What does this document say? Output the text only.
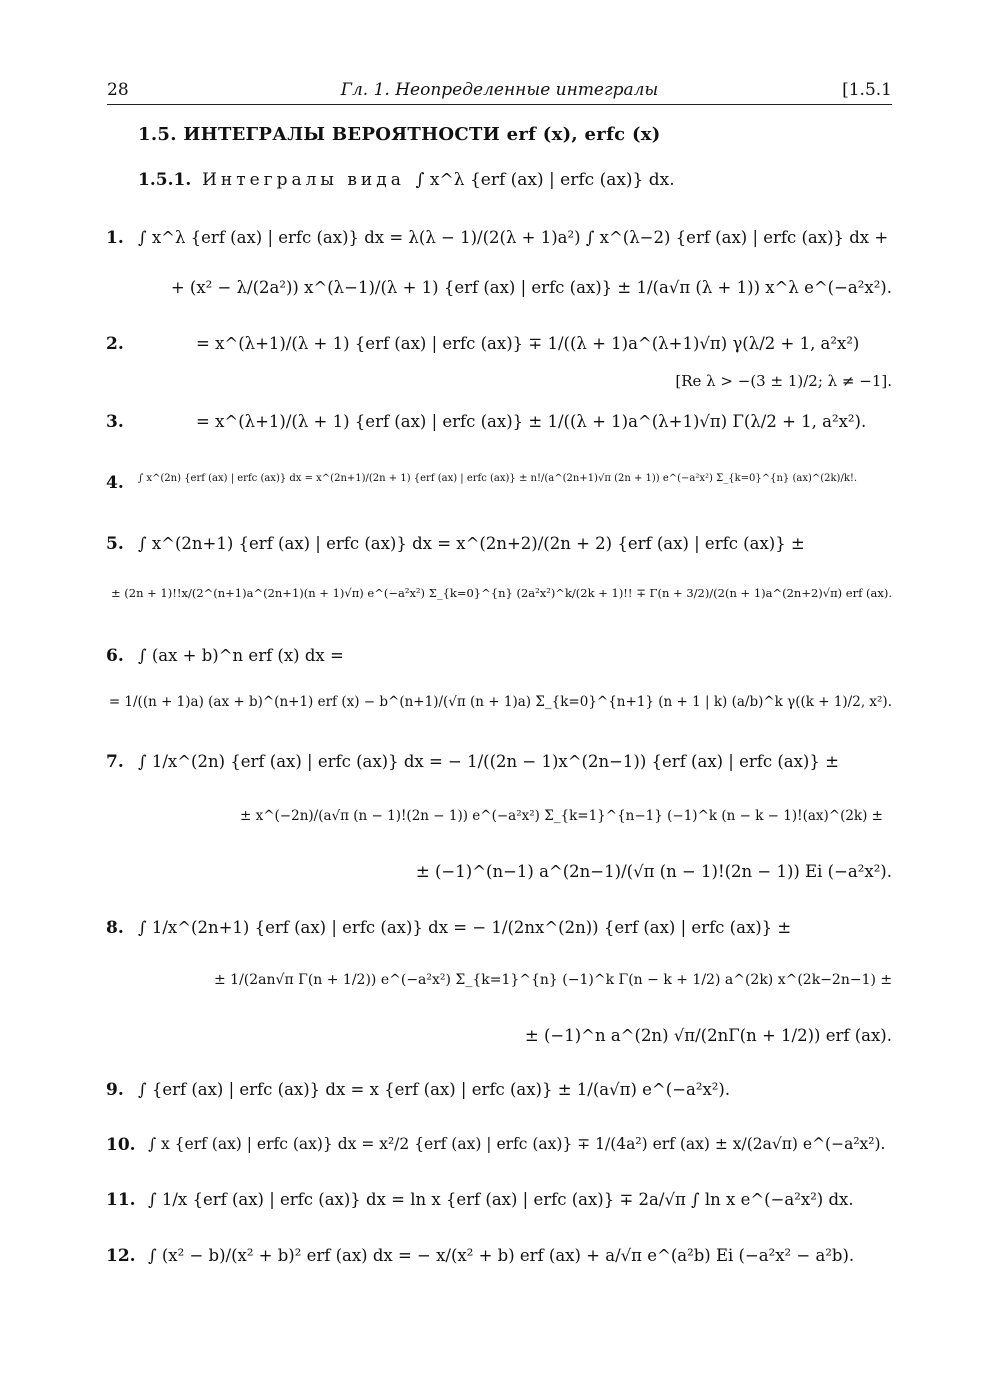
28	Гл. 1. Неопределенные интегралы	[1.5.1
1.5. ИНТЕГРАЛЫ ВЕРОЯТНОСТИ erf (x), erfc (x)
1.5.1. Интегралы вида ∫ x^λ {erf (ax) | erfc (ax)} dx.
1. ∫ x^λ {erf (ax) | erfc (ax)} dx = λ(λ − 1)/(2(λ + 1)a²) ∫ x^(λ−2) {erf (ax) | erfc (ax)} dx +
+ (x² − λ/(2a²)) x^(λ−1)/(λ + 1) {erf (ax) | erfc (ax)} ± 1/(a√π (λ + 1)) x^λ e^(−a²x²).
2.	= x^(λ+1)/(λ + 1) {erf (ax) | erfc (ax)} ∓ 1/((λ + 1)a^(λ+1)√π) γ(λ/2 + 1, a²x²)
[Re λ > −(3 ± 1)/2; λ ≠ −1].
3.	= x^(λ+1)/(λ + 1) {erf (ax) | erfc (ax)} ± 1/((λ + 1)a^(λ+1)√π) Γ(λ/2 + 1, a²x²).
4. ∫ x^(2n) {erf (ax) | erfc (ax)} dx = x^(2n+1)/(2n + 1) {erf (ax) | erfc (ax)} ± n!/(a^(2n+1)√π (2n + 1)) e^(−a²x²) Σ_{k=0}^{n} (ax)^(2k)/k!.
5. ∫ x^(2n+1) {erf (ax) | erfc (ax)} dx = x^(2n+2)/(2n + 2) {erf (ax) | erfc (ax)} ±
± (2n + 1)!!x/(2^(n+1)a^(2n+1)(n + 1)√π) e^(−a²x²) Σ_{k=0}^{n} (2a²x²)^k/(2k + 1)!! ∓ Γ(n + 3/2)/(2(n + 1)a^(2n+2)√π) erf (ax).
6. ∫ (ax + b)^n erf (x) dx =
= 1/((n + 1)a) (ax + b)^(n+1) erf (x) − b^(n+1)/(√π (n + 1)a) Σ_{k=0}^{n+1} (n + 1 | k) (a/b)^k γ((k + 1)/2, x²).
7. ∫ 1/x^(2n) {erf (ax) | erfc (ax)} dx = − 1/((2n − 1)x^(2n−1)) {erf (ax) | erfc (ax)} ±
± x^(−2n)/(a√π (n − 1)!(2n − 1)) e^(−a²x²) Σ_{k=1}^{n−1} (−1)^k (n − k − 1)!(ax)^(2k) ±
± (−1)^(n−1) a^(2n−1)/(√π (n − 1)!(2n − 1)) Ei (−a²x²).
8. ∫ 1/x^(2n+1) {erf (ax) | erfc (ax)} dx = − 1/(2nx^(2n)) {erf (ax) | erfc (ax)} ±
± 1/(2an√π Γ(n + 1/2)) e^(−a²x²) Σ_{k=1}^{n} (−1)^k Γ(n − k + 1/2) a^(2k) x^(2k−2n−1) ±
± (−1)^n a^(2n) √π/(2nΓ(n + 1/2)) erf (ax).
9. ∫ {erf (ax) | erfc (ax)} dx = x {erf (ax) | erfc (ax)} ± 1/(a√π) e^(−a²x²).
10. ∫ x {erf (ax) | erfc (ax)} dx = x²/2 {erf (ax) | erfc (ax)} ∓ 1/(4a²) erf (ax) ± x/(2a√π) e^(−a²x²).
11. ∫ 1/x {erf (ax) | erfc (ax)} dx = ln x {erf (ax) | erfc (ax)} ∓ 2a/√π ∫ ln x e^(−a²x²) dx.
12. ∫ (x² − b)/(x² + b)² erf (ax) dx = − x/(x² + b) erf (ax) + a/√π e^(a²b) Ei (−a²x² − a²b).
